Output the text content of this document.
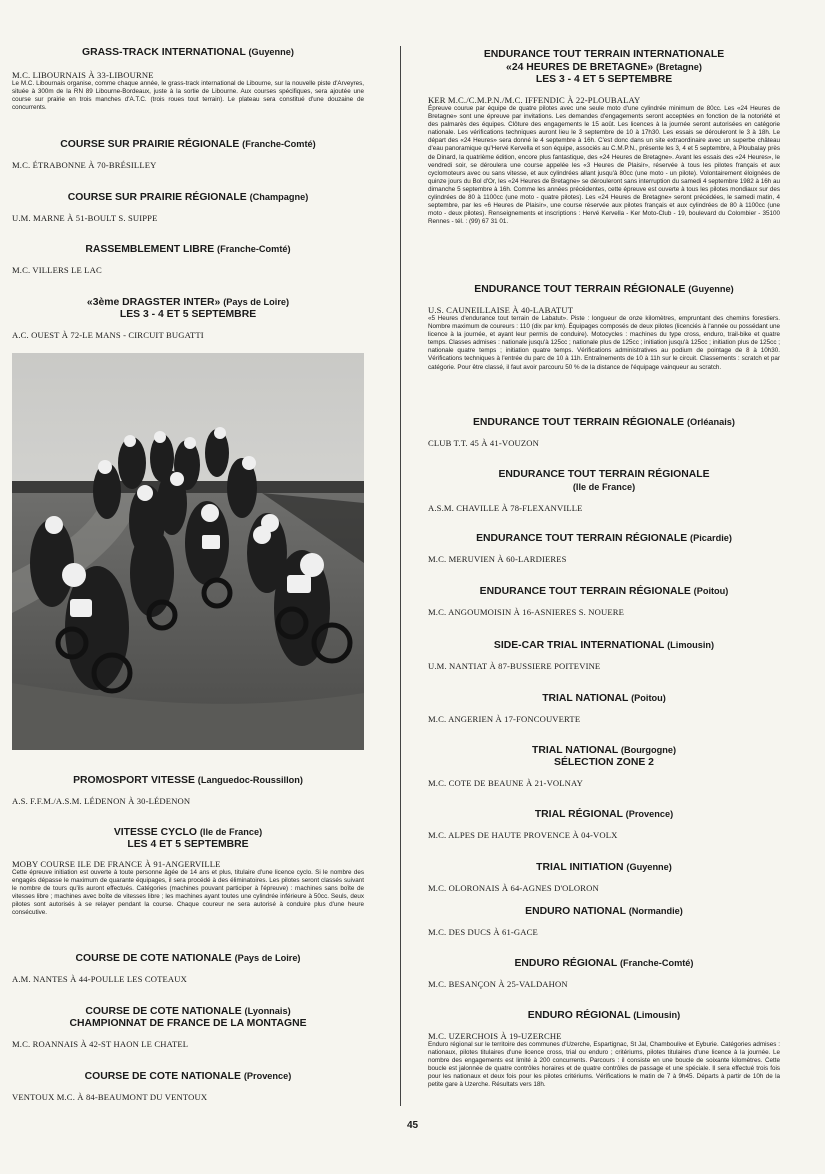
GRASS-TRACK INTERNATIONAL (Guyenne)

M.C. LIBOURNAIS À 33-LIBOURNE

Le M.C. Libournais organise, comme chaque année, le grass-track international de Libourne, sur la nouvelle piste d'Arveyres, située à 300m de la RN 89 Libourne-Bordeaux, juste à la sortie de Libourne. Aux courses spécifiques, sera ajoutée une course sur prairie en trois manches d'A.T.C. (trois roues tout terrain). Le plateau sera constitué d'une douzaine de concurrents.

COURSE SUR PRAIRIE RÉGIONALE (Franche-Comté)

M.C. ÉTRABONNE À 70-BRÉSILLEY

COURSE SUR PRAIRIE RÉGIONALE (Champagne)

U.M. MARNE À 51-BOULT S. SUIPPE

RASSEMBLEMENT LIBRE (Franche-Comté)

M.C. VILLERS LE LAC

«3ème DRAGSTER INTER» (Pays de Loire)
LES 3 - 4 ET 5 SEPTEMBRE

A.C. OUEST À 72-LE MANS - CIRCUIT BUGATTI

PROMOSPORT VITESSE (Languedoc-Roussillon)

A.S. F.F.M./A.S.M. LÉDENON À 30-LÉDENON

VITESSE CYCLO (Ile de France)
LES 4 ET 5 SEPTEMBRE

MOBY COURSE ILE DE FRANCE À 91-ANGERVILLE

Cette épreuve initiation est ouverte à toute personne âgée de 14 ans et plus, titulaire d'une licence cyclo. Si le nombre des engagés dépasse le maximum de quarante équipages, il sera procédé à des éliminatoires. Les pilotes seront classés suivant le nombre de tours qu'ils auront effectués. Catégories (machines pouvant participer à l'épreuve) : machines sans boîte de vitesses libre ; machines avec boîte de vitesses libre ; les machines ayant toutes une cylindrée inférieure à 50cc. Seuls, deux pilotes sont autorisés à se relayer pendant la course. Chaque coureur ne sera autorisé à conduire plus d'une heure consécutive.

COURSE DE COTE NATIONALE (Pays de Loire)

A.M. NANTES À 44-POULLE LES COTEAUX

COURSE DE COTE NATIONALE (Lyonnais)
CHAMPIONNAT DE FRANCE DE LA MONTAGNE

M.C. ROANNAIS À 42-ST HAON LE CHATEL

COURSE DE COTE NATIONALE (Provence)

VENTOUX M.C. À 84-BEAUMONT DU VENTOUX

ENDURANCE TOUT TERRAIN INTERNATIONALE
«24 HEURES DE BRETAGNE» (Bretagne)
LES 3 - 4 ET 5 SEPTEMBRE

KER M.C./C.M.P.N./M.C. IFFENDIC À 22-PLOUBALAY

Épreuve courue par équipe de quatre pilotes avec une seule moto d'une cylindrée minimum de 80cc. Les «24 Heures de Bretagne» sont une épreuve par invitations. Les demandes d'engagements seront acceptées en fonction de la notoriété et des palmarès des équipes. Clôture des engagements le 15 août. Les licences à la journée seront autorisées en catégorie nationale. Les vérifications techniques auront lieu le 3 septembre de 10 à 17h30. Les essais se dérouleront le 3 à 18h. Le départ des «24 Heures» sera donné le 4 septembre à 16h. C'est donc dans un site extraordinaire avec un superbe château d'eau panoramique qu'Hervé Kervella et son équipe, associés au C.M.P.N., présente les 3, 4 et 5 septembre, à Ploubalay près de Dinard, la quatrième édition, encore plus fantastique, des «24 Heures de Bretagne». Avant les essais des «24 Heures», le vendredi soir, se déroulera une course appelée les «3 Heures de Plaisir», réservée à tous les pilotes français et aux cyclomoteurs avec ou sans vitesse, et aux cylindrées allant jusqu'à 80cc (une moto - un pilote). Volontairement éloignées de quinze jours du Bol d'Or, les «24 Heures de Bretagne» se dérouleront sans interruption du samedi 4 septembre 1982 à 16h au dimanche 5 septembre à 16h. Comme les années précédentes, cette épreuve est ouverte à tous les pilotes mondiaux sur des cylindrées de 80 à 1100cc (une moto - quatre pilotes). Les «24 Heures de Bretagne» seront précédées, le samedi matin, 4 septembre, par les «6 Heures de Plaisir», une course réservée aux pilotes français et aux cylindrées de 80 à 1100cc (une moto - deux pilotes). Renseignements et inscriptions : Hervé Kervella - Ker Moto-Club - 19, boulevard du Colombier - 35100 Rennes - tél. : (99) 67 31 01.

ENDURANCE TOUT TERRAIN RÉGIONALE (Guyenne)

U.S. CAUNEILLAISE À 40-LABATUT

«5 Heures d'endurance tout terrain de Labatut». Piste : longueur de onze kilomètres, empruntant des chemins forestiers. Nombre maximum de coureurs : 110 (dix par km). Équipages composés de deux pilotes (licenciés à l'année ou possédant une licence à la journée, et ayant leur permis de conduire). Motocycles : machines du type cross, enduro, trail-bike et quatre temps. Classes admises : nationale jusqu'à 125cc ; nationale plus de 125cc ; initiation jusqu'à 125cc ; initiation plus de 125cc ; nationale quatre temps ; initiation quatre temps. Vérifications administratives au podium de pointage de 8 à 10h30. Vérifications techniques à l'entrée du parc de 10 à 11h. Entraînements de 10 à 11h sur le circuit. Classements : scratch et par catégorie. Pour être classé, il faut avoir parcouru 50 % de la distance de l'équipage vainqueur au scratch.

ENDURANCE TOUT TERRAIN RÉGIONALE (Orléanais)

CLUB T.T. 45 À 41-VOUZON

ENDURANCE TOUT TERRAIN RÉGIONALE
(Ile de France)

A.S.M. CHAVILLE À 78-FLEXANVILLE

ENDURANCE TOUT TERRAIN RÉGIONALE (Picardie)

M.C. MERUVIEN À 60-LARDIERES

ENDURANCE TOUT TERRAIN RÉGIONALE (Poitou)

M.C. ANGOUMOISIN À 16-ASNIERES S. NOUERE

SIDE-CAR TRIAL INTERNATIONAL (Limousin)

U.M. NANTIAT À 87-BUSSIERE POITEVINE

TRIAL NATIONAL (Poitou)

M.C. ANGERIEN À 17-FONCOUVERTE

TRIAL NATIONAL (Bourgogne)
SÉLECTION ZONE 2

M.C. COTE DE BEAUNE À 21-VOLNAY

TRIAL RÉGIONAL (Provence)

M.C. ALPES DE HAUTE PROVENCE À 04-VOLX

TRIAL INITIATION (Guyenne)

M.C. OLORONAIS À 64-AGNES D'OLORON

ENDURO NATIONAL (Normandie)

M.C. DES DUCS À 61-GACE

ENDURO RÉGIONAL (Franche-Comté)

M.C. BESANÇON À 25-VALDAHON

ENDURO RÉGIONAL (Limousin)

M.C. UZERCHOIS À 19-UZERCHE

Enduro régional sur le territoire des communes d'Uzerche, Espartignac, St Jal, Chamboulive et Eyburie. Catégories admises : nationaux, pilotes titulaires d'une licence cross, trial ou enduro ; critériums, pilotes titulaires d'une licence à la journée. Le nombre des engagements est limité à 200 concurrents. Parcours : il consiste en une boucle de soixante kilomètres. Cette boucle est jalonnée de quatre contrôles horaires et de quatre contrôles de passage et une spéciale. Il sera effectué trois fois pour les nationaux et deux fois pour les pilotes critériums. Vérifications le matin de 7 à 9h45. Départs à partir de 10h de la petite gare à Uzerche. Résultats vers 18h.

45
